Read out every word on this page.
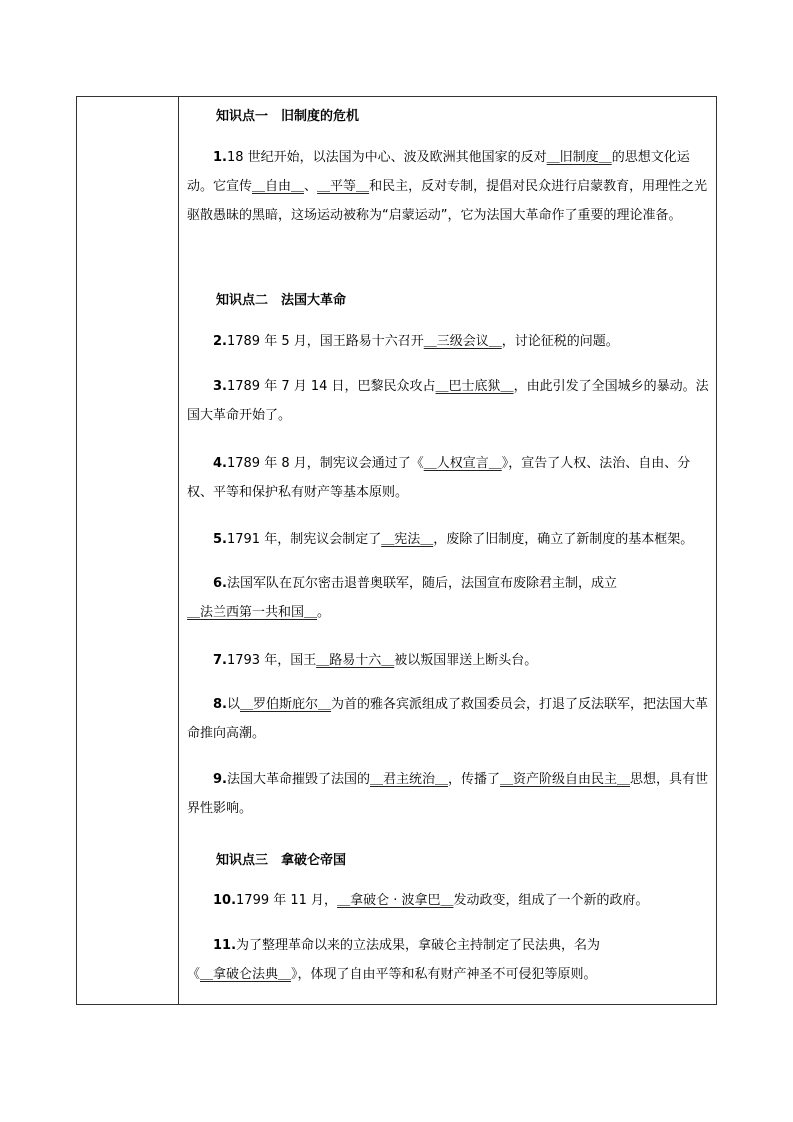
知识点一　旧制度的危机
1.18 世纪开始，以法国为中心、波及欧洲其他国家的反对＿旧制度＿的思想文化运动。它宣传＿自由＿、＿平等＿和民主，反对专制，提倡对民众进行启蒙教育，用理性之光驱散愚昧的黑暗，这场运动被称为“启蒙运动”，它为法国大革命作了重要的理论准备。
知识点二　法国大革命
2.1789 年 5 月，国王路易十六召开＿三级会议＿，讨论征税的问题。
3.1789 年 7 月 14 日，巴黎民众攻占＿巴士底狱＿，由此引发了全国城乡的暴动。法国大革命开始了。
4.1789 年 8 月，制宪议会通过了《＿人权宣言＿》，宣告了人权、法治、自由、分权、平等和保护私有财产等基本原则。
5.1791 年，制宪议会制定了＿宪法＿，废除了旧制度，确立了新制度的基本框架。
6.法国军队在瓦尔密击退普奥联军，随后，法国宣布废除君主制，成立＿法兰西第一共和国＿。
7.1793 年，国王＿路易十六＿被以叛国罪送上断头台。
8.以＿罗伯斯庇尔＿为首的雅各宾派组成了救国委员会，打退了反法联军，把法国大革命推向高潮。
9.法国大革命摧毁了法国的＿君主统治＿，传播了＿资产阶级自由民主＿思想，具有世界性影响。
知识点三　拿破仑帝国
10.1799 年 11 月，＿拿破仑 · 波拿巴＿发动政变，组成了一个新的政府。
11.为了整理革命以来的立法成果，拿破仑主持制定了民法典，名为《＿拿破仑法典＿》，体现了自由平等和私有财产神圣不可侵犯等原则。
